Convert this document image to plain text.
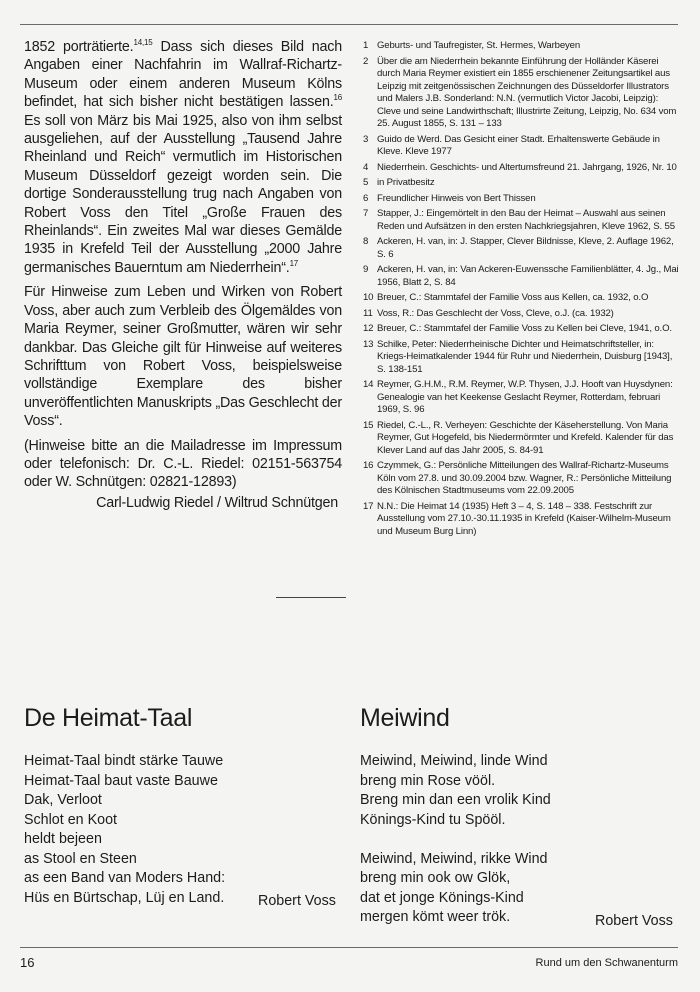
1852 porträtierte.$^{14,15}$ Dass sich dieses Bild nach Angaben einer Nachfahrin im Wallraf-Richartz-Museum oder einem anderen Museum Kölns befindet, hat sich bisher nicht bestätigen lassen.$^{16}$ Es soll von März bis Mai 1925, also von ihm selbst ausgeliehen, auf der Ausstellung „Tausend Jahre Rheinland und Reich“ vermutlich im Historischen Museum Düsseldorf gezeigt worden sein. Die dortige Sonderausstellung trug nach Angaben von Robert Voss den Titel „Große Frauen des Rheinlands“. Ein zweites Mal war dieses Gemälde 1935 in Krefeld Teil der Ausstellung „2000 Jahre germanisches Bauerntum am Niederrhein“.$^{17}$

Für Hinweise zum Leben und Wirken von Robert Voss, aber auch zum Verbleib des Ölgemäldes von Maria Reymer, seiner Großmutter, wären wir sehr dankbar. Das Gleiche gilt für Hinweise auf weiteres Schrifttum von Robert Voss, beispielsweise vollständige Exemplare des bisher unveröffentlichten Manuskripts „Das Geschlecht der Voss“.

(Hinweise bitte an die Mailadresse im Impressum oder telefonisch: Dr. C.-L. Riedel: 02151-563754 oder W. Schnütgen: 02821-12893)

Carl-Ludwig Riedel / Wiltrud Schnütgen
1 Geburts- und Taufregister, St. Hermes, Warbeyen
2 Über die am Niederrhein bekannte Einführung der Holländer Käserei durch Maria Reymer existiert ein 1855 erschienener Zeitungsartikel aus Leipzig mit zeitgenössischen Zeichnungen des Düsseldorfer Illustrators und Malers J.B. Sonderland: N.N. (vermutlich Victor Jacobi, Leipzig): Cleve und seine Landwirthschaft; Illustrirte Zeitung, Leipzig, No. 634 vom 25. August 1855, S. 131 – 133
3 Guido de Werd. Das Gesicht einer Stadt. Erhaltenswerte Gebäude in Kleve. Kleve 1977
4 Niederrhein. Geschichts- und Altertumsfreund 21. Jahrgang, 1926, Nr. 10
5 in Privatbesitz
6 Freundlicher Hinweis von Bert Thissen
7 Stapper, J.: Eingemörtelt in den Bau der Heimat – Auswahl aus seinen Reden und Aufsätzen in den ersten Nachkriegsjahren, Kleve 1962, S. 55
8 Ackeren, H. van, in: J. Stapper, Clever Bildnisse, Kleve, 2. Auflage 1962, S. 6
9 Ackeren, H. van, in: Van Ackeren-Euwenssche Familienblätter, 4. Jg., Mai 1956, Blatt 2, S. 84
10 Breuer, C.: Stammtafel der Familie Voss aus Kellen, ca. 1932, o.O
11 Voss, R.: Das Geschlecht der Voss, Cleve, o.J. (ca. 1932)
12 Breuer, C.: Stammtafel der Familie Voss zu Kellen bei Cleve, 1941, o.O.
13 Schilke, Peter: Niederrheinische Dichter und Heimatschriftsteller, in: Kriegs-Heimatkalender 1944 für Ruhr und Niederrhein, Duisburg [1943], S. 138-151
14 Reymer, G.H.M., R.M. Reymer, W.P. Thysen, J.J. Hooft van Huysdynen: Genealogie van het Keekense Geslacht Reymer, Rotterdam, februari 1969, S. 96
15 Riedel, C.-L., R. Verheyen: Geschichte der Käseherstellung. Von Maria Reymer, Gut Hogefeld, bis Niedermörmter und Krefeld. Kalender für das Klever Land auf das Jahr 2005, S. 84-91
16 Czymmek, G.: Persönliche Mitteilungen des Wallraf-Richartz-Museums Köln vom 27.8. und 30.09.2004 bzw. Wagner, R.: Persönliche Mitteilung des Kölnischen Stadtmuseums vom 22.09.2005
17 N.N.: Die Heimat 14 (1935) Heft 3 – 4, S. 148 – 338. Festschrift zur Ausstellung vom 27.10.-30.11.1935 in Krefeld (Kaiser-Wilhelm-Museum und Museum Burg Linn)
De Heimat-Taal
Heimat-Taal bindt stärke Tauwe
Heimat-Taal baut vaste Bauwe
Dak, Verloot
Schlot en Koot
heldt bejeen
as Stool en Steen
as een Band van Moders Hand:
Hüs en Bürtschap, Lüj en Land.	Robert Voss
Meiwind
Meiwind, Meiwind, linde Wind
breng min Rose vööl.
Breng min dan een vrolik Kind
Könings-Kind tu Spööl.
Meiwind, Meiwind, rikke Wind
breng min ook ow Glök,
dat et jonge Könings-Kind
mergen kömt weer trök.	Robert Voss
16	Rund um den Schwanenturm
